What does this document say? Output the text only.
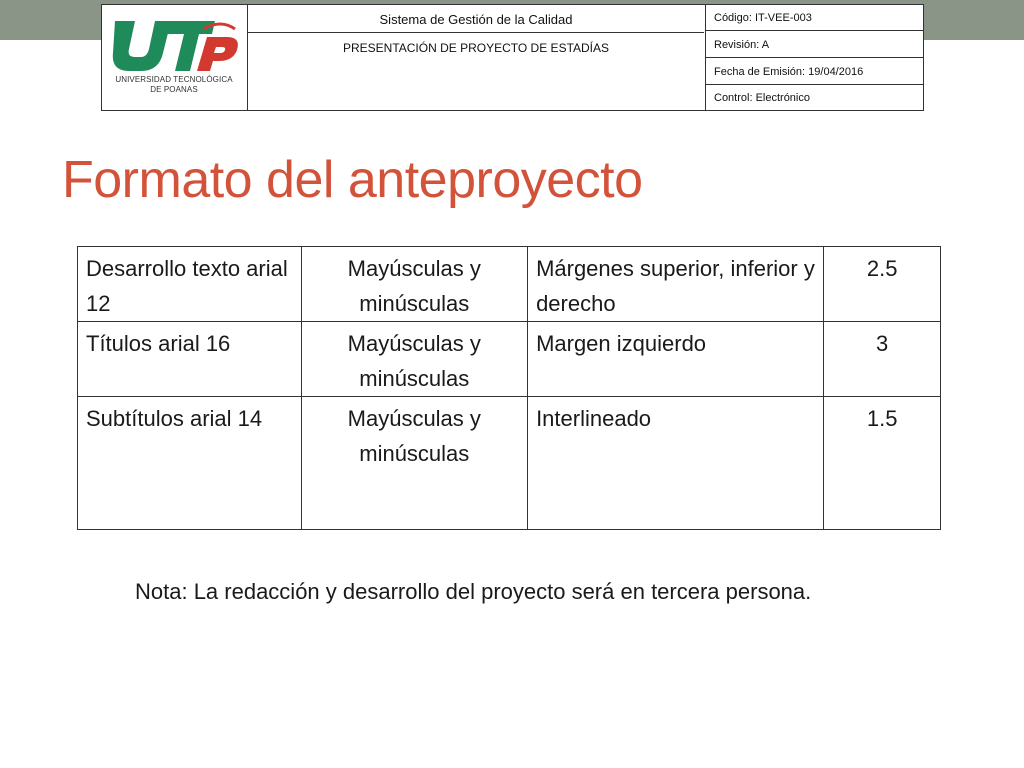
UNIVERSIDAD TECNOLÓGICA
DE POANAS
Sistema de Gestión de la Calidad
PRESENTACIÓN DE PROYECTO DE ESTADÍAS
Código: IT-VEE-003
Revisión: A
Fecha de Emisión: 19/04/2016
Control: Electrónico
Formato del anteproyecto
Desarrollo texto arial 12	Mayúsculas y minúsculas	Márgenes superior, inferior y derecho	2.5
Títulos arial 16	Mayúsculas y minúsculas	Margen izquierdo	3
Subtítulos arial 14	Mayúsculas y minúsculas	Interlineado	1.5
Nota: La redacción y desarrollo del proyecto será en tercera persona.
